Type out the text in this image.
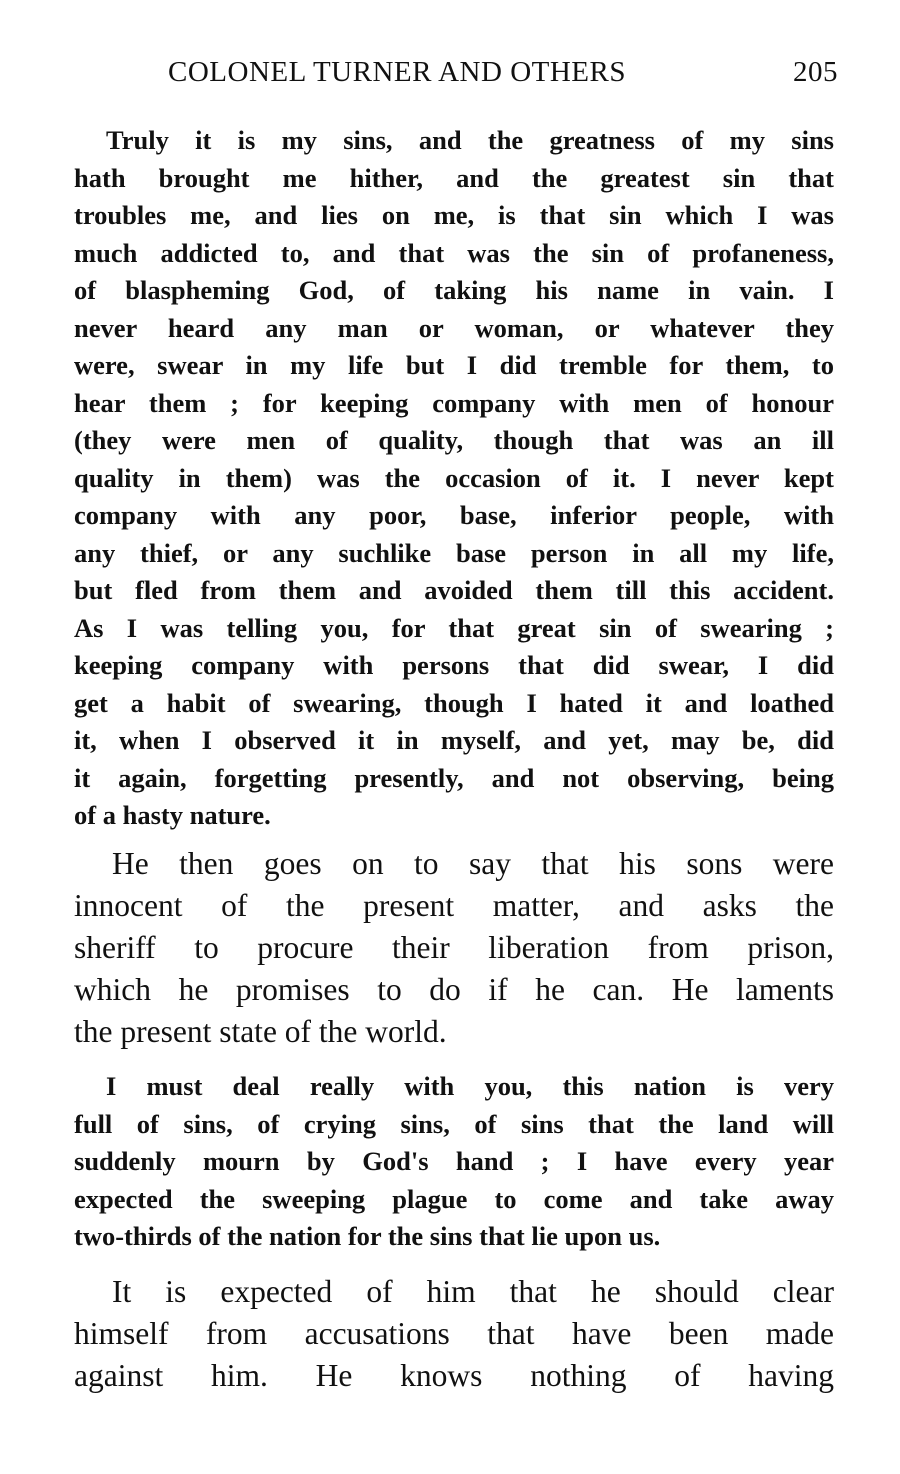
COLONEL TURNER AND OTHERS	205
Truly it is my sins, and the greatness of my sins
hath brought me hither, and the greatest sin that
troubles me, and lies on me, is that sin which I was
much addicted to, and that was the sin of profaneness,
of blaspheming God, of taking his name in vain. I
never heard any man or woman, or whatever they
were, swear in my life but I did tremble for them, to
hear them ; for keeping company with men of honour
(they were men of quality, though that was an ill
quality in them) was the occasion of it. I never kept
company with any poor, base, inferior people, with
any thief, or any suchlike base person in all my life,
but fled from them and avoided them till this accident.
As I was telling you, for that great sin of swearing ;
keeping company with persons that did swear, I did
get a habit of swearing, though I hated it and loathed
it, when I observed it in myself, and yet, may be, did
it again, forgetting presently, and not observing, being
of a hasty nature.
He then goes on to say that his sons were
innocent of the present matter, and asks the
sheriff to procure their liberation from prison,
which he promises to do if he can. He laments
the present state of the world.
I must deal really with you, this nation is very
full of sins, of crying sins, of sins that the land will
suddenly mourn by God's hand ; I have every year
expected the sweeping plague to come and take away
two-thirds of the nation for the sins that lie upon us.
It is expected of him that he should clear
himself from accusations that have been made
against him. He knows nothing of having
